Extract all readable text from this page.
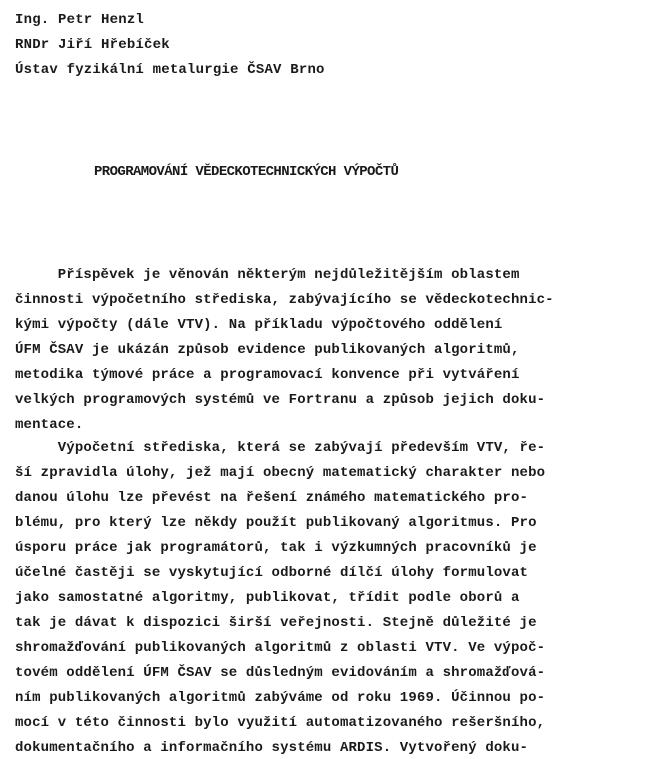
Ing. Petr Henzl
RNDr Jiří Hřebíček
Ústav fyzikální metalurgie ČSAV Brno
PROGRAMOVÁNÍ VĚDECKOTECHNICKÝCH VÝPOČTŮ
Příspěvek je věnován některým nejdůležitějším oblastem
činnosti výpočetního střediska, zabývajícího se vědeckotechnic-
kými výpočty (dále VTV). Na příkladu výpočtového oddělení
ÚFM ČSAV je ukázán způsob evidence publikovaných algoritmů,
metodika týmové práce a programovací konvence při vytváření
velkých programových systémů ve Fortranu a způsob jejich doku-
mentace.
Výpočetní střediska, která se zabývají především VTV, ře-
ší zpravidla úlohy, jež mají obecný matematický charakter nebo
danou úlohu lze převést na řešení známého matematického pro-
blému, pro který lze někdy použít publikovaný algoritmus. Pro
úsporu práce jak programátorů, tak i výzkumných pracovníků je
účelné častěji se vyskytující odborné dílčí úlohy formulovat
jako samostatné algoritmy, publikovat, třídit podle oborů a
tak je dávat k dispozici širší veřejnosti. Stejně důležité je
shromažďování publikovaných algoritmů z oblasti VTV. Ve výpoč-
tovém oddělení ÚFM ČSAV se důsledným evidováním a shromažďová-
ním publikovaných algoritmů zabýváme od roku 1969. Účinnou po-
mocí v této činnosti bylo využití automatizovaného rešeršního,
dokumentačního a informačního systému ARDIS. Vytvořený doku-
